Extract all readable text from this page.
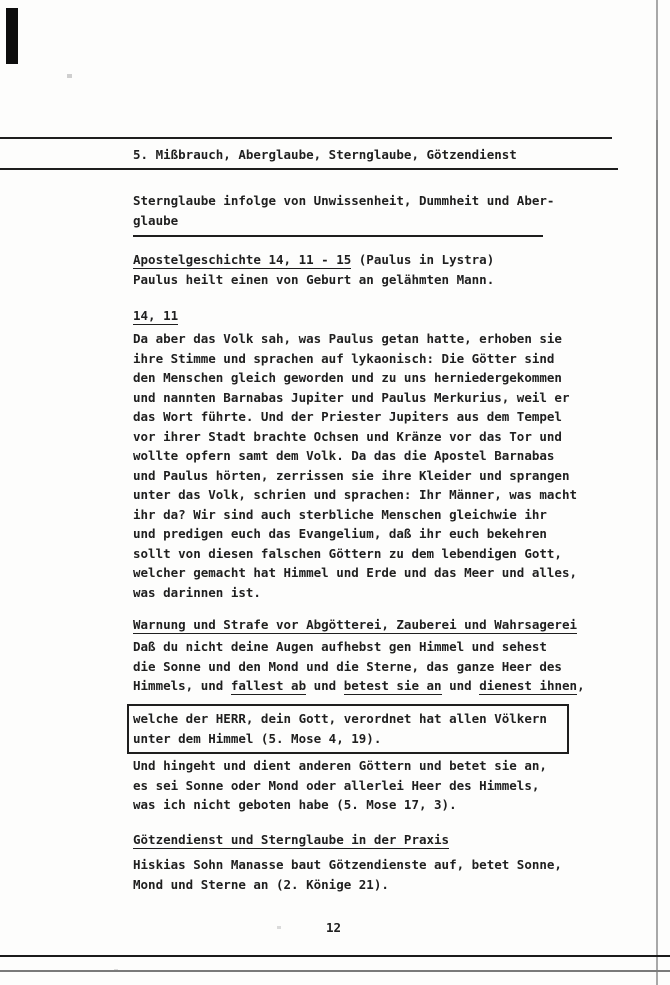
5. Mißbrauch, Aberglaube, Sternglaube, Götzendienst
Sternglaube infolge von Unwissenheit, Dummheit und Aber-
glaube
Apostelgeschichte 14, 11 - 15 (Paulus in Lystra)
Paulus heilt einen von Geburt an gelähmten Mann.
14, 11
Da aber das Volk sah, was Paulus getan hatte, erhoben sie
ihre Stimme und sprachen auf lykaonisch: Die Götter sind
den Menschen gleich geworden und zu uns herniedergekommen
und nannten Barnabas Jupiter und Paulus Merkurius, weil er
das Wort führte. Und der Priester Jupiters aus dem Tempel
vor ihrer Stadt brachte Ochsen und Kränze vor das Tor und
wollte opfern samt dem Volk. Da das die Apostel Barnabas
und Paulus hörten, zerrissen sie ihre Kleider und sprangen
unter das Volk, schrien und sprachen: Ihr Männer, was macht
ihr da? Wir sind auch sterbliche Menschen gleichwie ihr
und predigen euch das Evangelium, daß ihr euch bekehren
sollt von diesen falschen Göttern zu dem lebendigen Gott,
welcher gemacht hat Himmel und Erde und das Meer und alles,
was darinnen ist.
Warnung und Strafe vor Abgötterei, Zauberei und Wahrsagerei
Daß du nicht deine Augen aufhebst gen Himmel und sehest
die Sonne und den Mond und die Sterne, das ganze Heer des
Himmels, und fallest ab und betest sie an und dienest ihnen,
welche der HERR, dein Gott, verordnet hat allen Völkern
unter dem Himmel (5. Mose 4, 19).
Und hingeht und dient anderen Göttern und betet sie an,
es sei Sonne oder Mond oder allerlei Heer des Himmels,
was ich nicht geboten habe (5. Mose 17, 3).
Götzendienst und Sternglaube in der Praxis
Hiskias Sohn Manasse baut Götzendienste auf, betet Sonne,
Mond und Sterne an (2. Könige 21).
12
